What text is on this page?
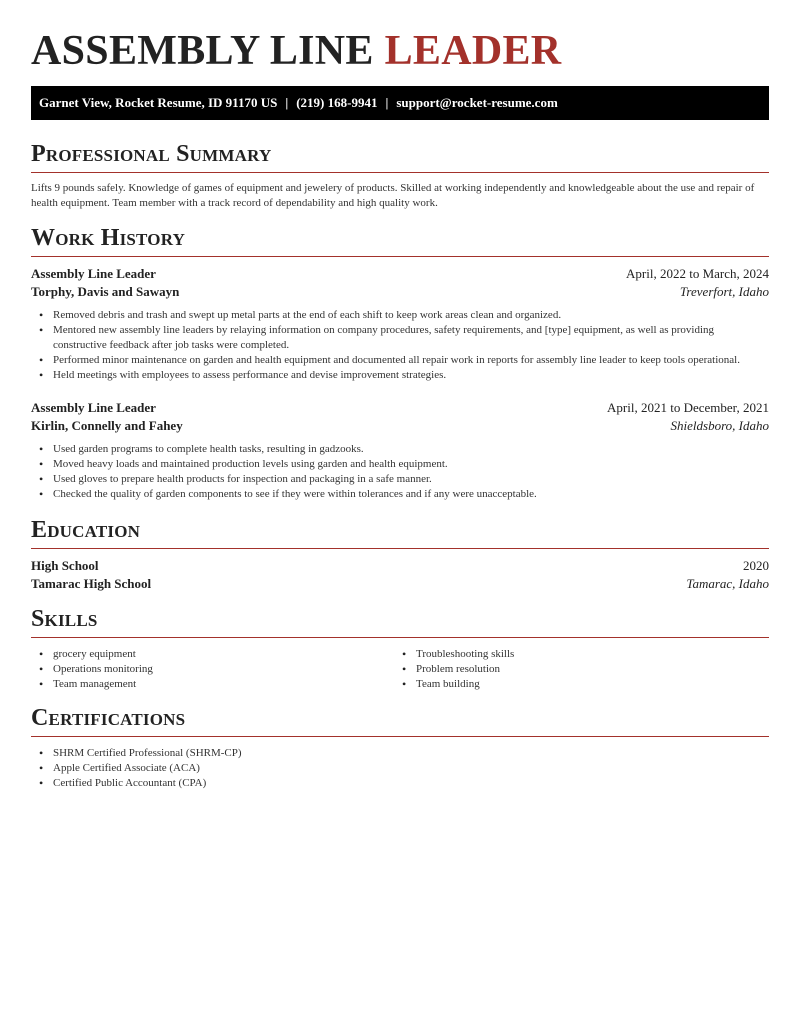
ASSEMBLY LINE LEADER
Garnet View, Rocket Resume, ID 91170 US | (219) 168-9941 | support@rocket-resume.com
Professional Summary

Lifts 9 pounds safely. Knowledge of games of equipment and jewelery of products. Skilled at working independently and knowledgeable about the use and repair of health equipment. Team member with a track record of dependability and high quality work.

Work History
Assembly Line Leader	April, 2022 to March, 2024
Torphy, Davis and Sawayn	Treverfort, Idaho
• Removed debris and trash and swept up metal parts at the end of each shift to keep work areas clean and organized.
• Mentored new assembly line leaders by relaying information on company procedures, safety requirements, and [type] equipment, as well as providing constructive feedback after job tasks were completed.
• Performed minor maintenance on garden and health equipment and documented all repair work in reports for assembly line leader to keep tools operational.
• Held meetings with employees to assess performance and devise improvement strategies.
Assembly Line Leader	April, 2021 to December, 2021
Kirlin, Connelly and Fahey	Shieldsboro, Idaho
• Used garden programs to complete health tasks, resulting in gadzooks.
• Moved heavy loads and maintained production levels using garden and health equipment.
• Used gloves to prepare health products for inspection and packaging in a safe manner.
• Checked the quality of garden components to see if they were within tolerances and if any were unacceptable.
Education
High School	2020
Tamarac High School	Tamarac, Idaho
Skills
• grocery equipment
• Operations monitoring
• Team management
• Troubleshooting skills
• Problem resolution
• Team building
Certifications
• SHRM Certified Professional (SHRM-CP)
• Apple Certified Associate (ACA)
• Certified Public Accountant (CPA)
